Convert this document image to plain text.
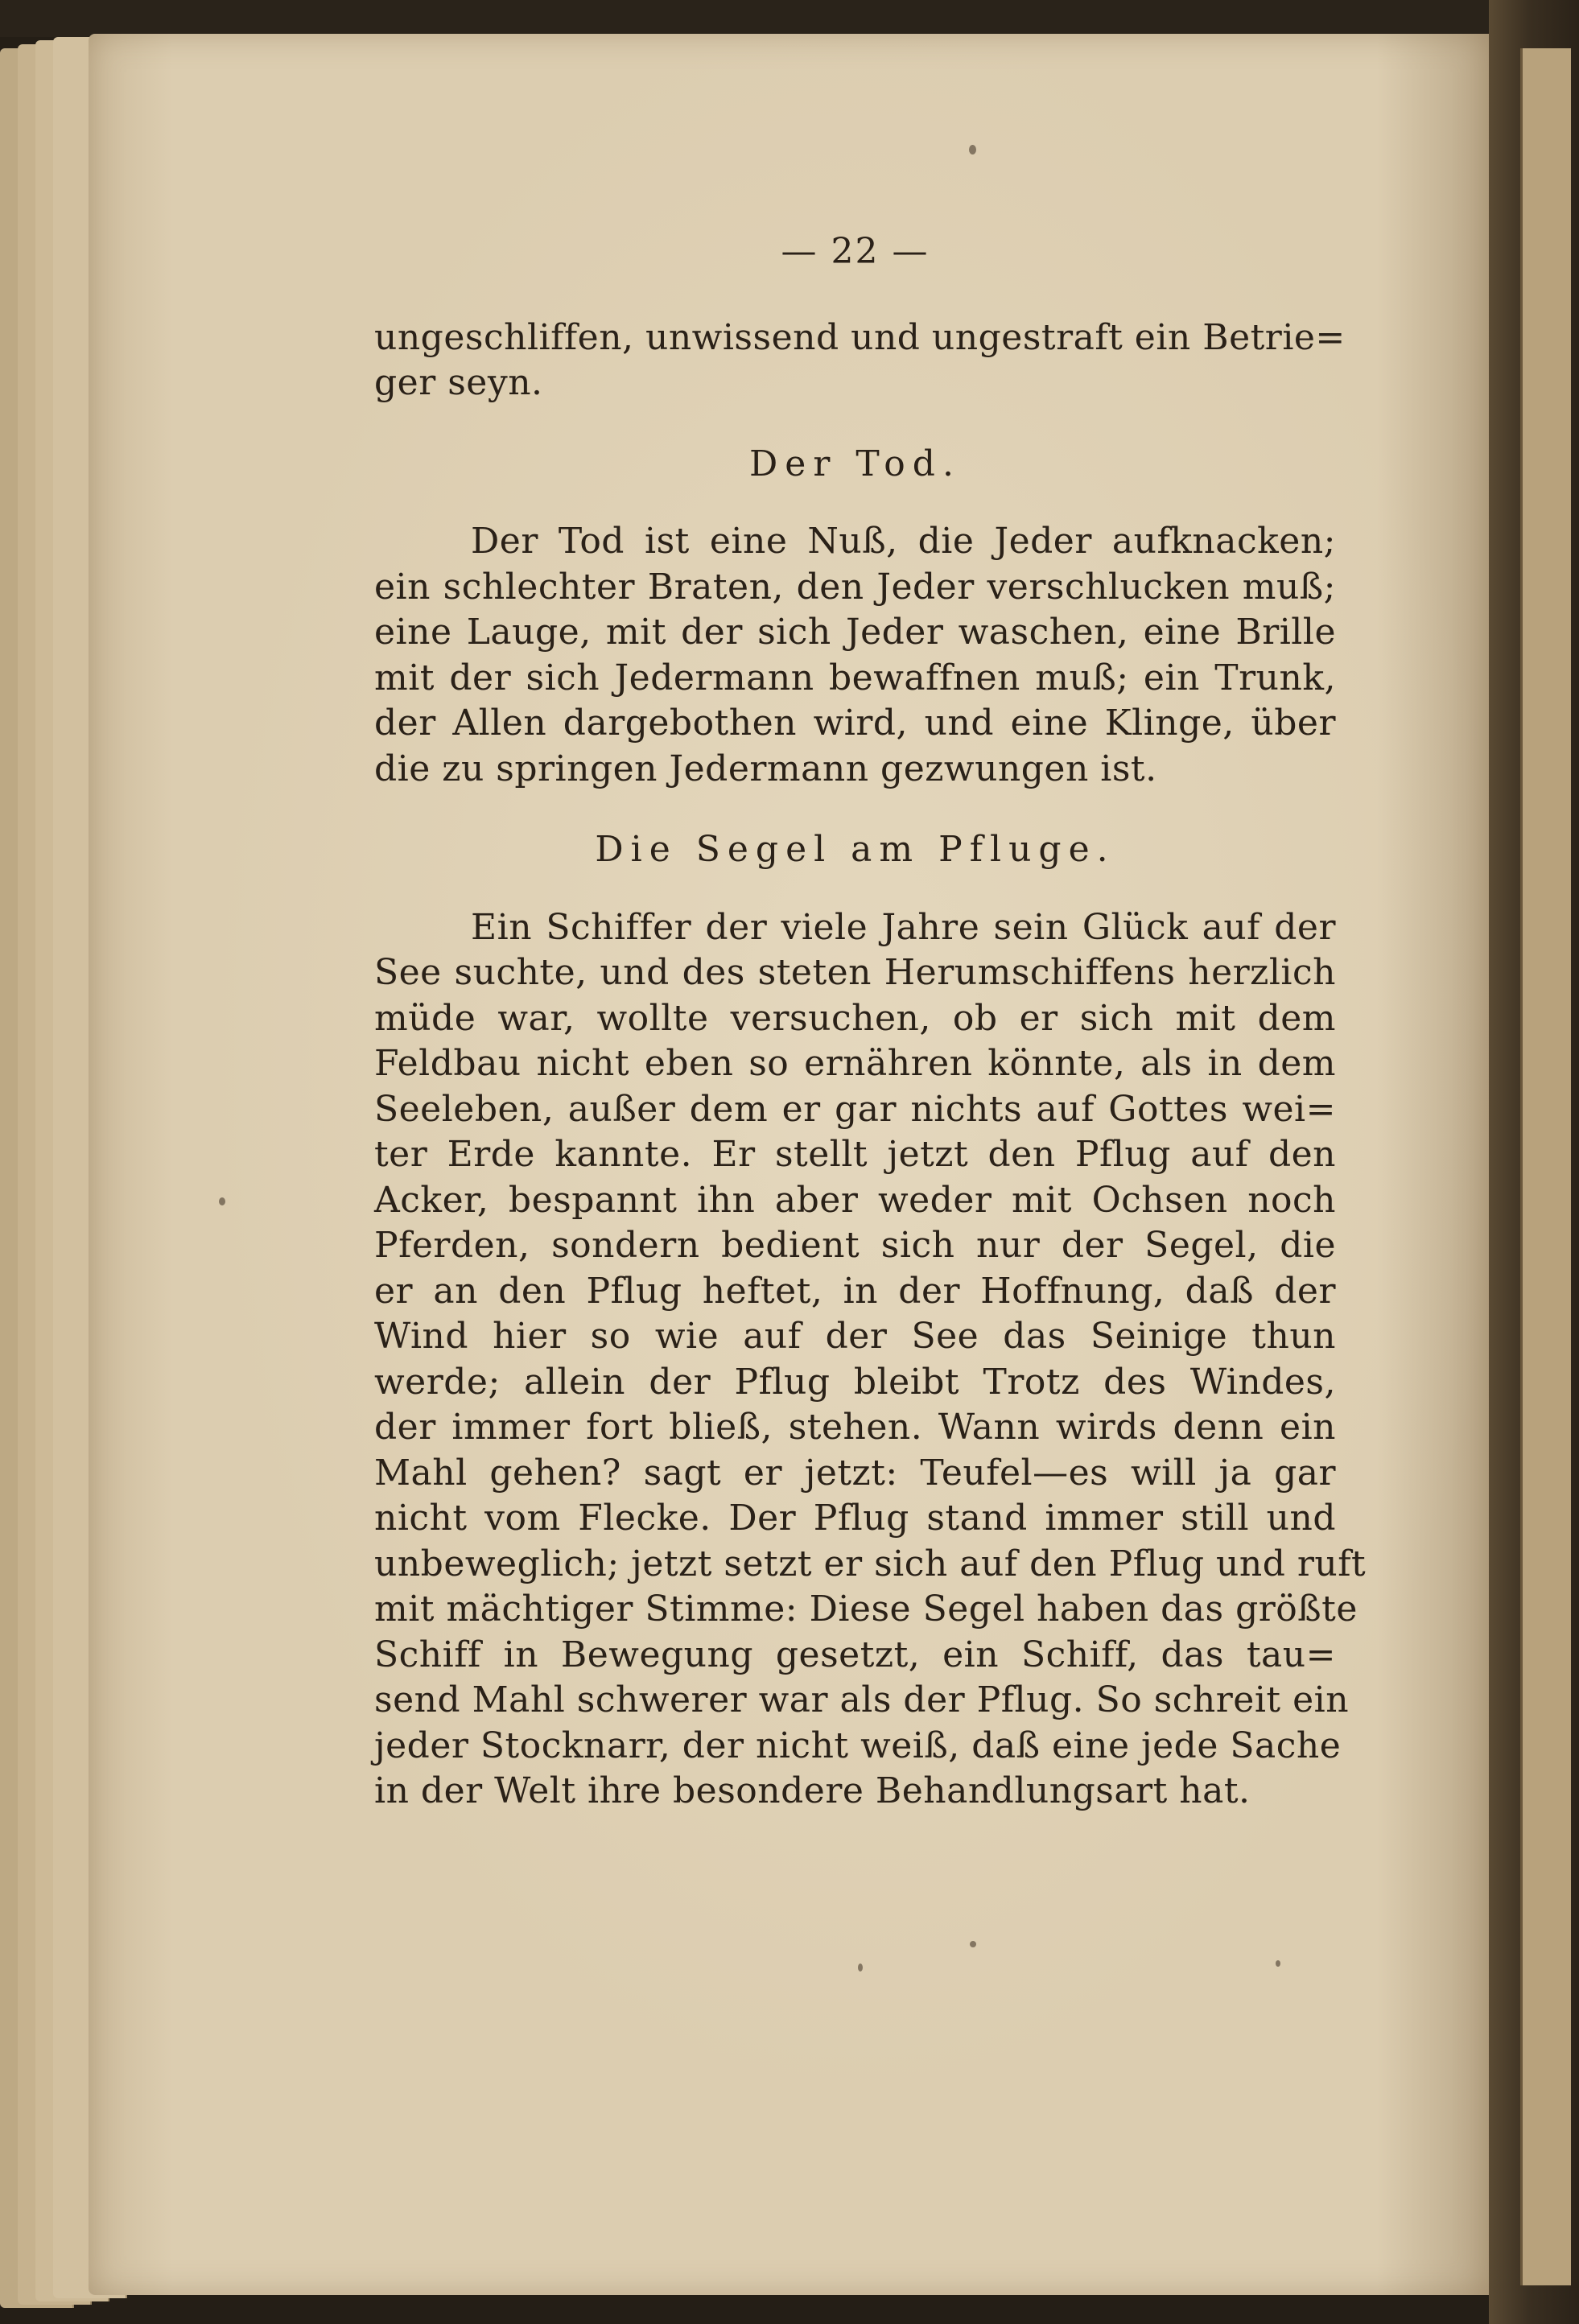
— 22 —
ungeschliffen, unwissend und ungestraft ein Betrie=
ger seyn.
Der Tod.
Der Tod ist eine Nuß, die Jeder aufknacken;
ein schlechter Braten, den Jeder verschlucken muß;
eine Lauge, mit der sich Jeder waschen, eine Brille
mit der sich Jedermann bewaffnen muß; ein Trunk,
der Allen dargebothen wird, und eine Klinge, über
die zu springen Jedermann gezwungen ist.
Die Segel am Pfluge.
Ein Schiffer der viele Jahre sein Glück auf der
See suchte, und des steten Herumschiffens herzlich
müde war, wollte versuchen, ob er sich mit dem
Feldbau nicht eben so ernähren könnte, als in dem
Seeleben, außer dem er gar nichts auf Gottes wei=
ter Erde kannte. Er stellt jetzt den Pflug auf den
Acker, bespannt ihn aber weder mit Ochsen noch
Pferden, sondern bedient sich nur der Segel, die
er an den Pflug heftet, in der Hoffnung, daß der
Wind hier so wie auf der See das Seinige thun
werde; allein der Pflug bleibt Trotz des Windes,
der immer fort bließ, stehen. Wann wirds denn ein
Mahl gehen? sagt er jetzt: Teufel—es will ja gar
nicht vom Flecke. Der Pflug stand immer still und
unbeweglich; jetzt setzt er sich auf den Pflug und ruft
mit mächtiger Stimme: Diese Segel haben das größte
Schiff in Bewegung gesetzt, ein Schiff, das tau=
send Mahl schwerer war als der Pflug. So schreit ein
jeder Stocknarr, der nicht weiß, daß eine jede Sache
in der Welt ihre besondere Behandlungsart hat.
